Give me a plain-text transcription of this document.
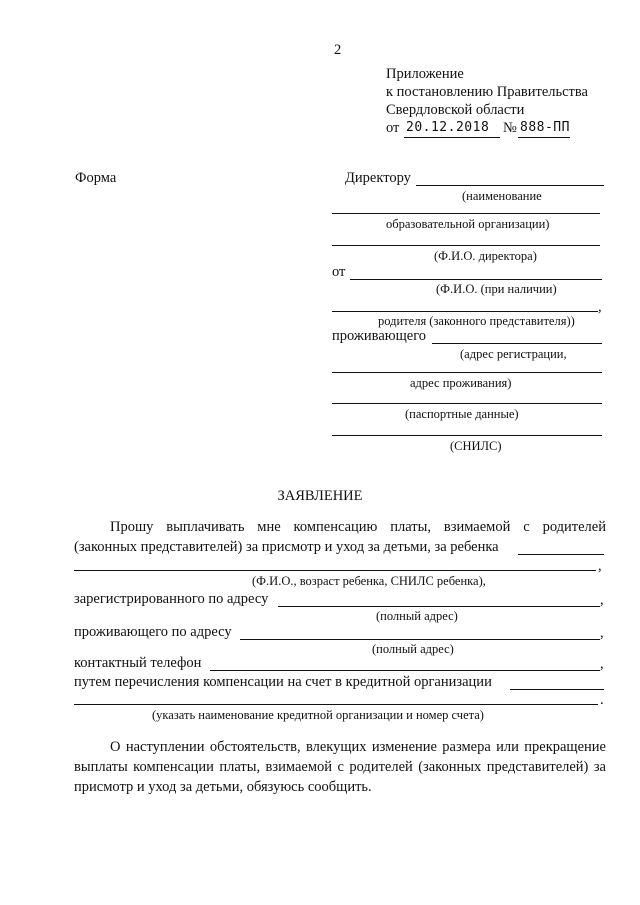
2
Приложение
к постановлению Правительства
Свердловской области
от 20.12.2018 № 888-ПП
Форма	Директору
(наименование
образовательной организации)
(Ф.И.О. директора)
от
(Ф.И.О. (при наличии)
,
родителя (законного представителя))
проживающего
(адрес регистрации,
адрес проживания)
(паспортные данные)
(СНИЛС)
ЗАЯВЛЕНИЕ
Прошу выплачивать мне компенсацию платы, взимаемой с родителей
(законных представителей) за присмотр и уход за детьми, за ребенка
,
(Ф.И.О., возраст ребенка, СНИЛС ребенка),
зарегистрированного по адресу	,
(полный адрес)
проживающего по адресу	,
(полный адрес)
контактный телефон	,
путем перечисления компенсации на счет в кредитной организации
.
(указать наименование кредитной организации и номер счета)
О наступлении обстоятельств, влекущих изменение размера или прекращение выплаты компенсации платы, взимаемой с родителей (законных представителей) за присмотр и уход за детьми, обязуюсь сообщить.
